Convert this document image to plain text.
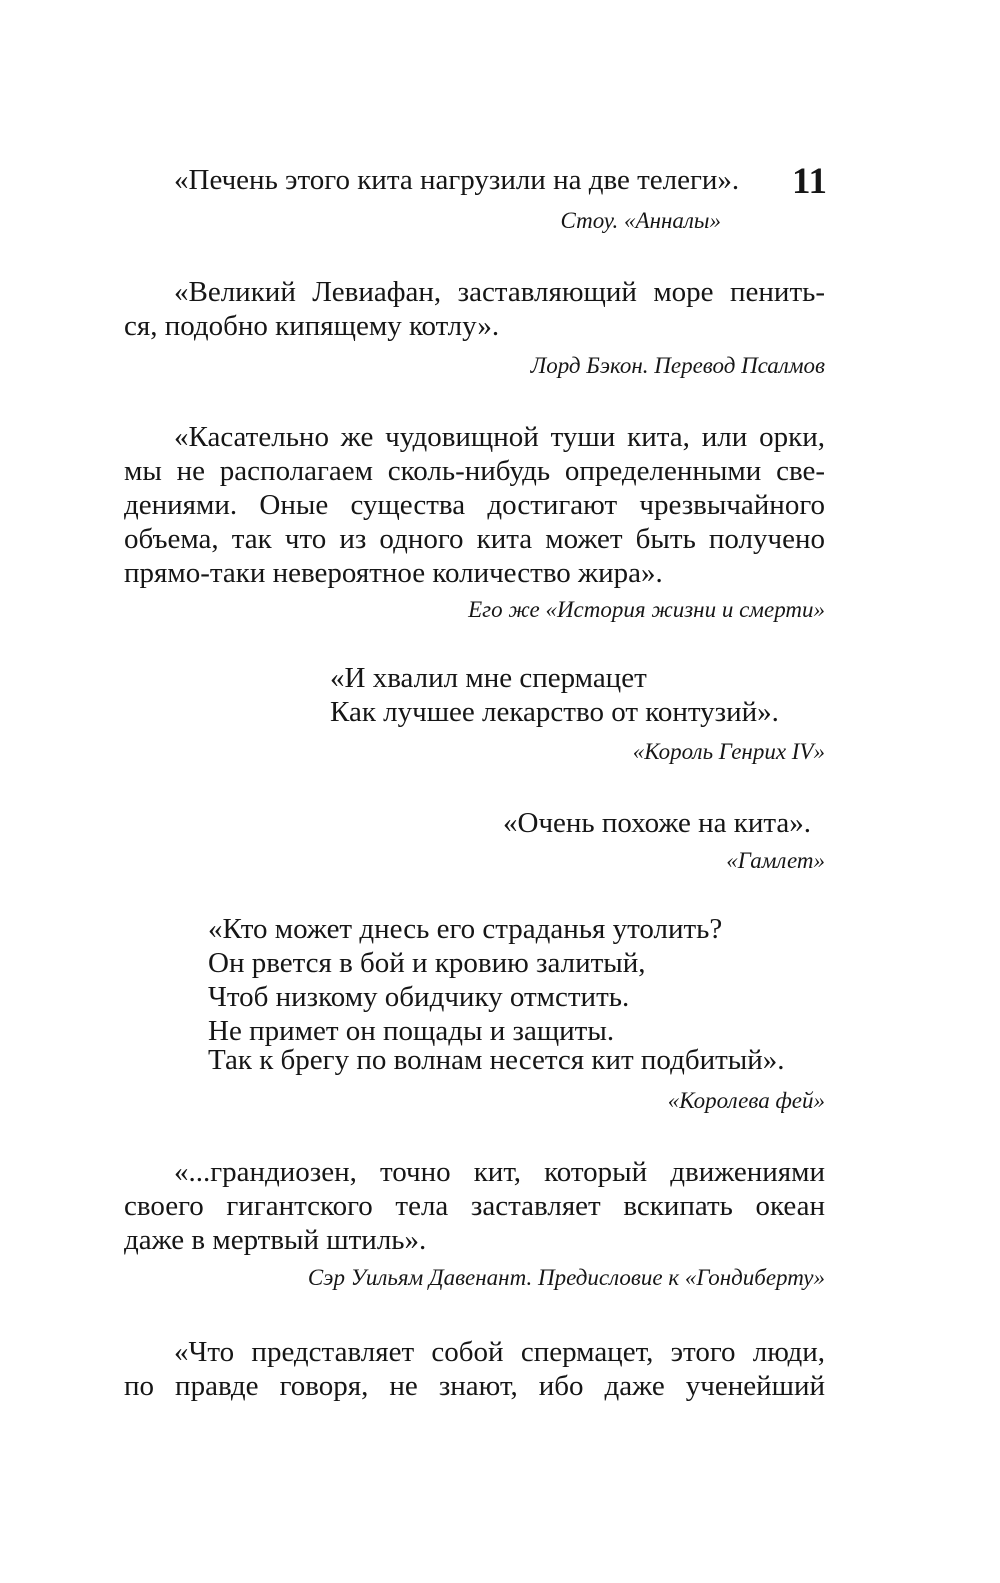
11
«Печень этого кита нагрузили на две телеги».
Стоу. «Анналы»
«Великий Левиафан, заставляющий море пенить-
ся, подобно кипящему котлу».
Лорд Бэкон. Перевод Псалмов
«Касательно же чудовищной туши кита, или орки,
мы не располагаем сколь-нибудь определенными све-
дениями. Оные существа достигают чрезвычайного
объема, так что из одного кита может быть получено
прямо-таки невероятное количество жира».
Его же «История жизни и смерти»
«И хвалил мне спермацет
Как лучшее лекарство от контузий».
«Король Генрих IV»
«Очень похоже на кита».
«Гамлет»
«Кто может днесь его страданья утолить?
Он рвется в бой и кровию залитый,
Чтоб низкому обидчику отмстить.
Не примет он пощады и защиты.
Так к брегу по волнам несется кит подбитый».
«Королева фей»
«...грандиозен, точно кит, который движениями
своего гигантского тела заставляет вскипать океан
даже в мертвый штиль».
Сэр Уильям Давенант. Предисловие к «Гондиберту»
«Что представляет собой спермацет, этого люди,
по правде говоря, не знают, ибо даже ученейший
